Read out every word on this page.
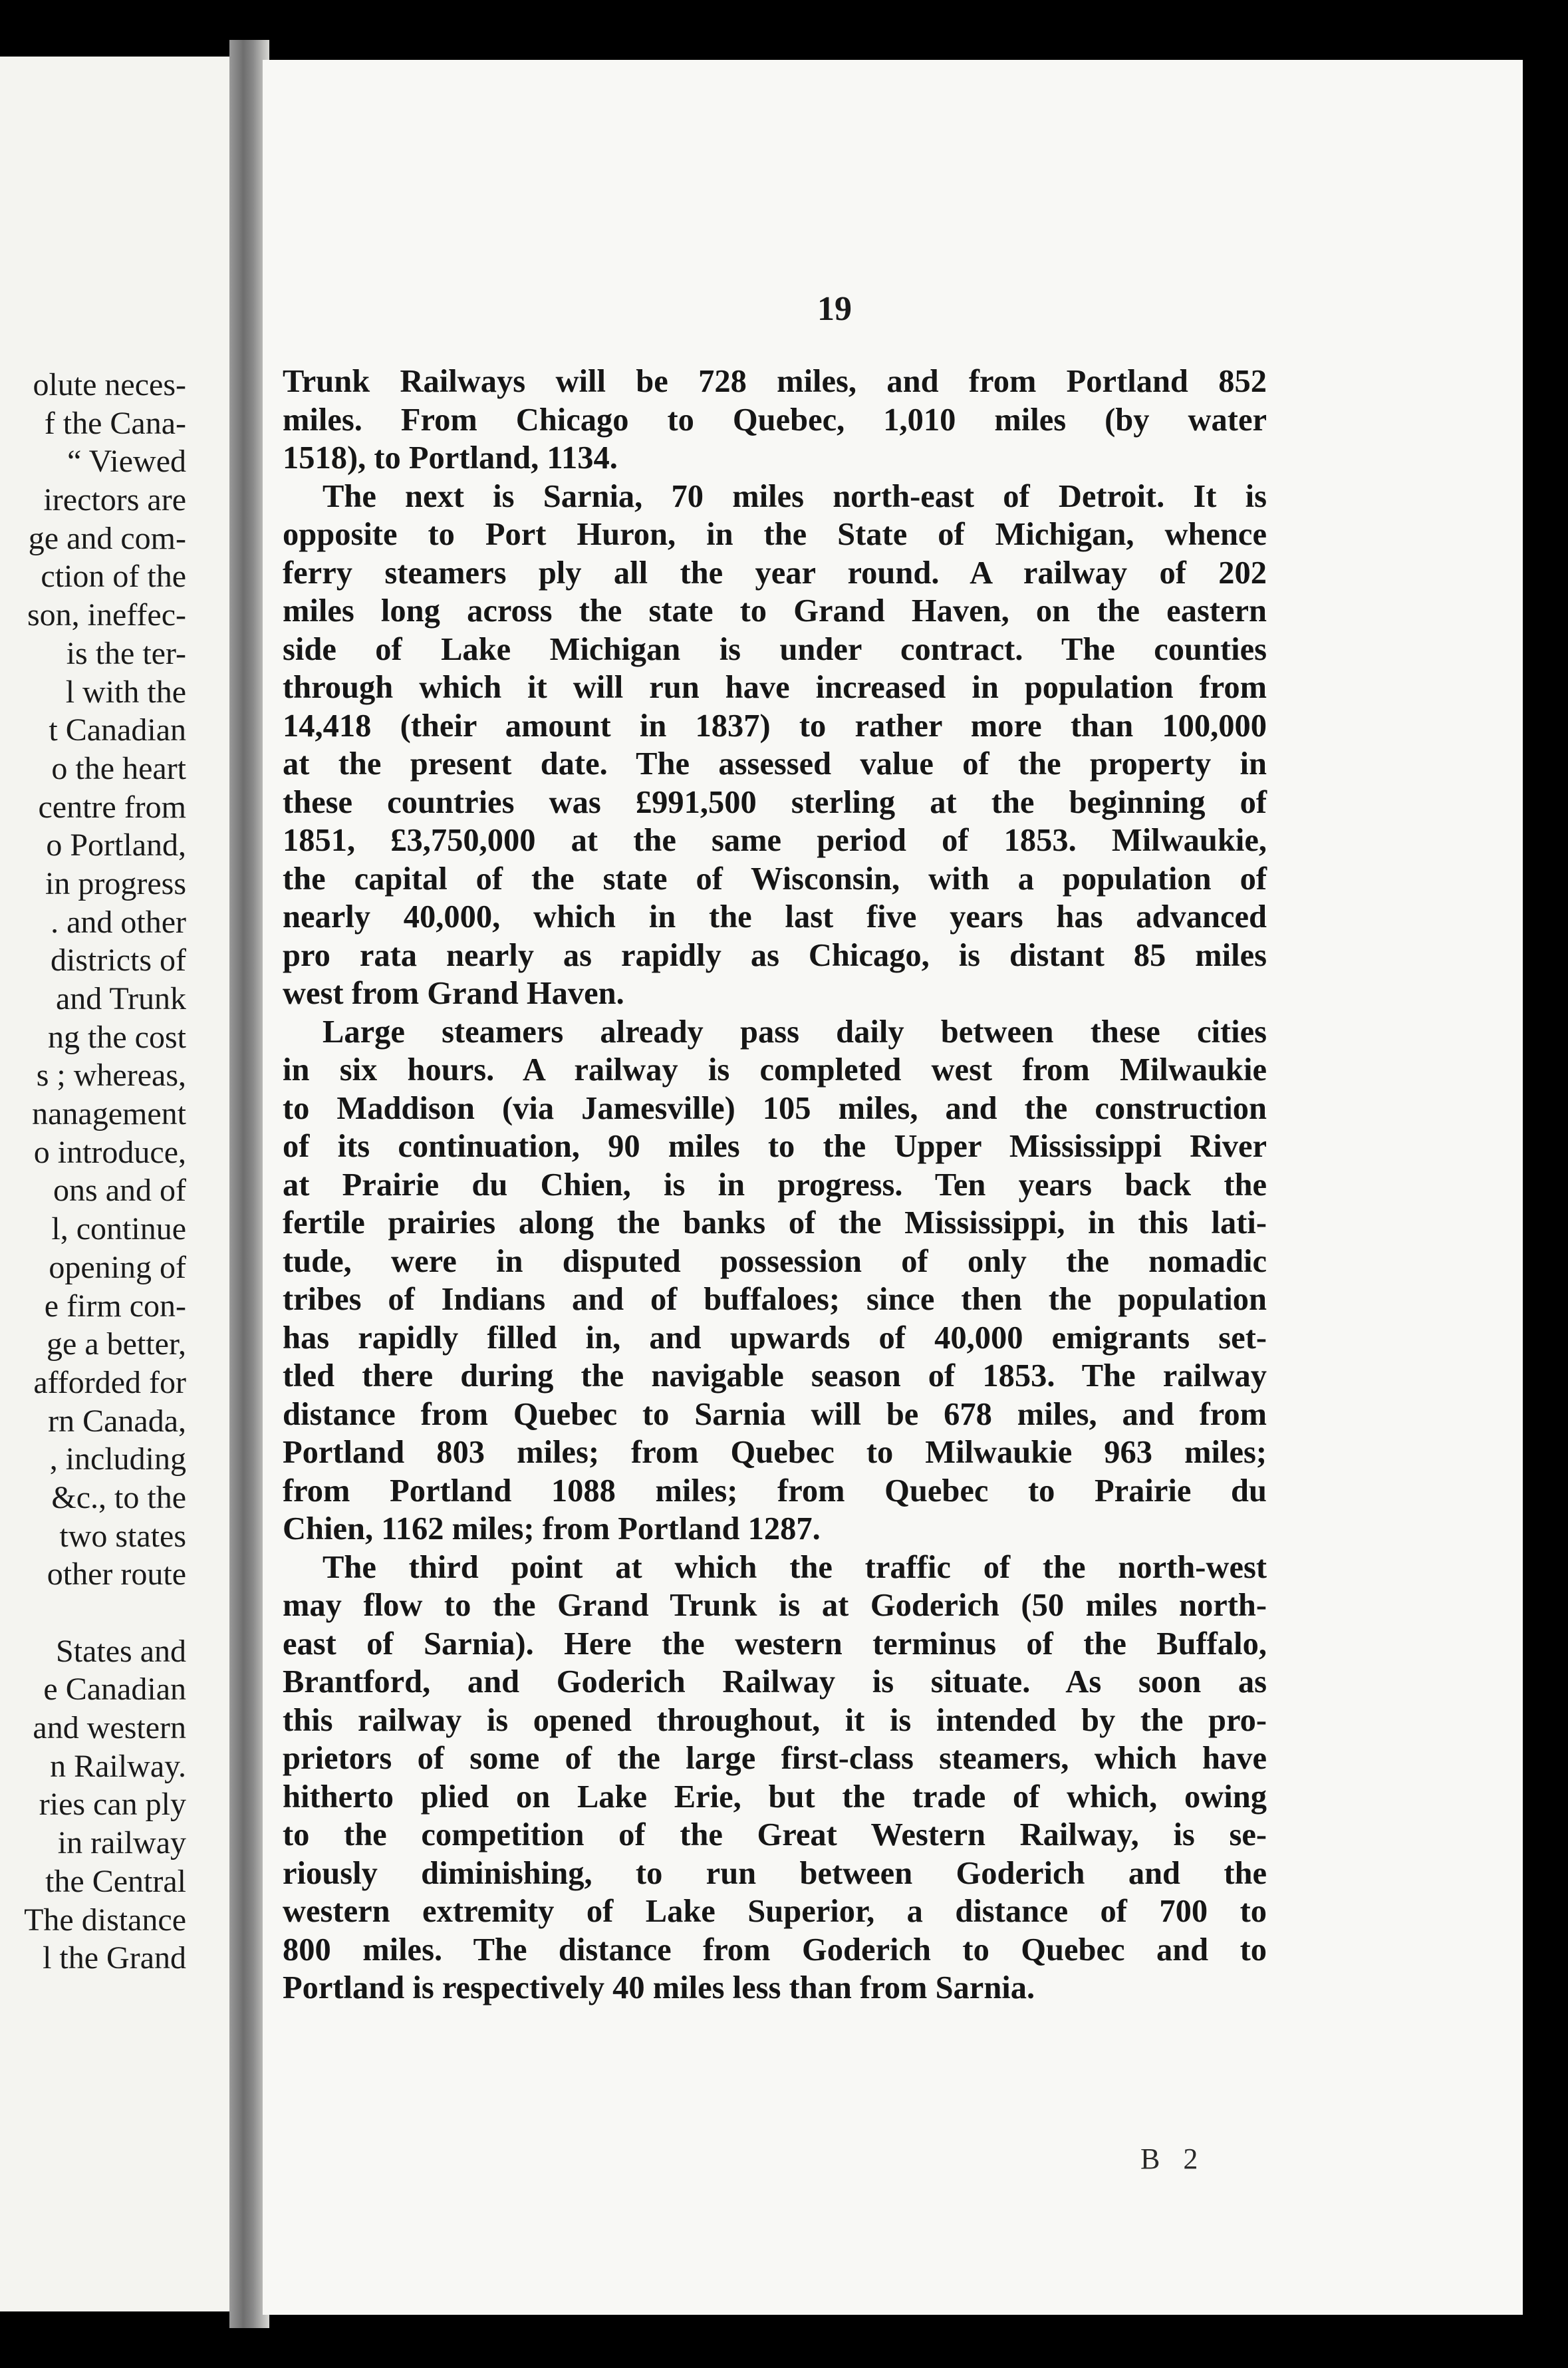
olute neces-
f the Cana-
“ Viewed
irectors are
ge and com-
ction of the
son, ineffec-
is the ter-
l with the
t Canadian
o the heart
centre from
o Portland,
in progress
. and other
districts of
and Trunk
ng the cost
s ; whereas,
nanagement
o introduce,
ons and of
l, continue
opening of
e firm con-
ge a better,
afforded for
rn Canada,
, including
&c., to the
two states
other route
States and
e Canadian
and western
n Railway.
ries can ply
in railway
the Central
The distance
l the Grand
19
Trunk Railways will be 728 miles, and from Portland 852
miles. From Chicago to Quebec, 1,010 miles (by water
1518), to Portland, 1134.
The next is Sarnia, 70 miles north-east of Detroit. It is
opposite to Port Huron, in the State of Michigan, whence
ferry steamers ply all the year round. A railway of 202
miles long across the state to Grand Haven, on the eastern
side of Lake Michigan is under contract. The counties
through which it will run have increased in population from
14,418 (their amount in 1837) to rather more than 100,000
at the present date. The assessed value of the property in
these countries was £991,500 sterling at the beginning of
1851, £3,750,000 at the same period of 1853. Milwaukie,
the capital of the state of Wisconsin, with a population of
nearly 40,000, which in the last five years has advanced
pro rata nearly as rapidly as Chicago, is distant 85 miles
west from Grand Haven.
Large steamers already pass daily between these cities
in six hours. A railway is completed west from Milwaukie
to Maddison (via Jamesville) 105 miles, and the construction
of its continuation, 90 miles to the Upper Mississippi River
at Prairie du Chien, is in progress. Ten years back the
fertile prairies along the banks of the Mississippi, in this lati-
tude, were in disputed possession of only the nomadic
tribes of Indians and of buffaloes; since then the population
has rapidly filled in, and upwards of 40,000 emigrants set-
tled there during the navigable season of 1853. The railway
distance from Quebec to Sarnia will be 678 miles, and from
Portland 803 miles; from Quebec to Milwaukie 963 miles;
from Portland 1088 miles; from Quebec to Prairie du
Chien, 1162 miles; from Portland 1287.
The third point at which the traffic of the north-west
may flow to the Grand Trunk is at Goderich (50 miles north-
east of Sarnia). Here the western terminus of the Buffalo,
Brantford, and Goderich Railway is situate. As soon as
this railway is opened throughout, it is intended by the pro-
prietors of some of the large first-class steamers, which have
hitherto plied on Lake Erie, but the trade of which, owing
to the competition of the Great Western Railway, is se-
riously diminishing, to run between Goderich and the
western extremity of Lake Superior, a distance of 700 to
800 miles. The distance from Goderich to Quebec and to
Portland is respectively 40 miles less than from Sarnia.
B 2
